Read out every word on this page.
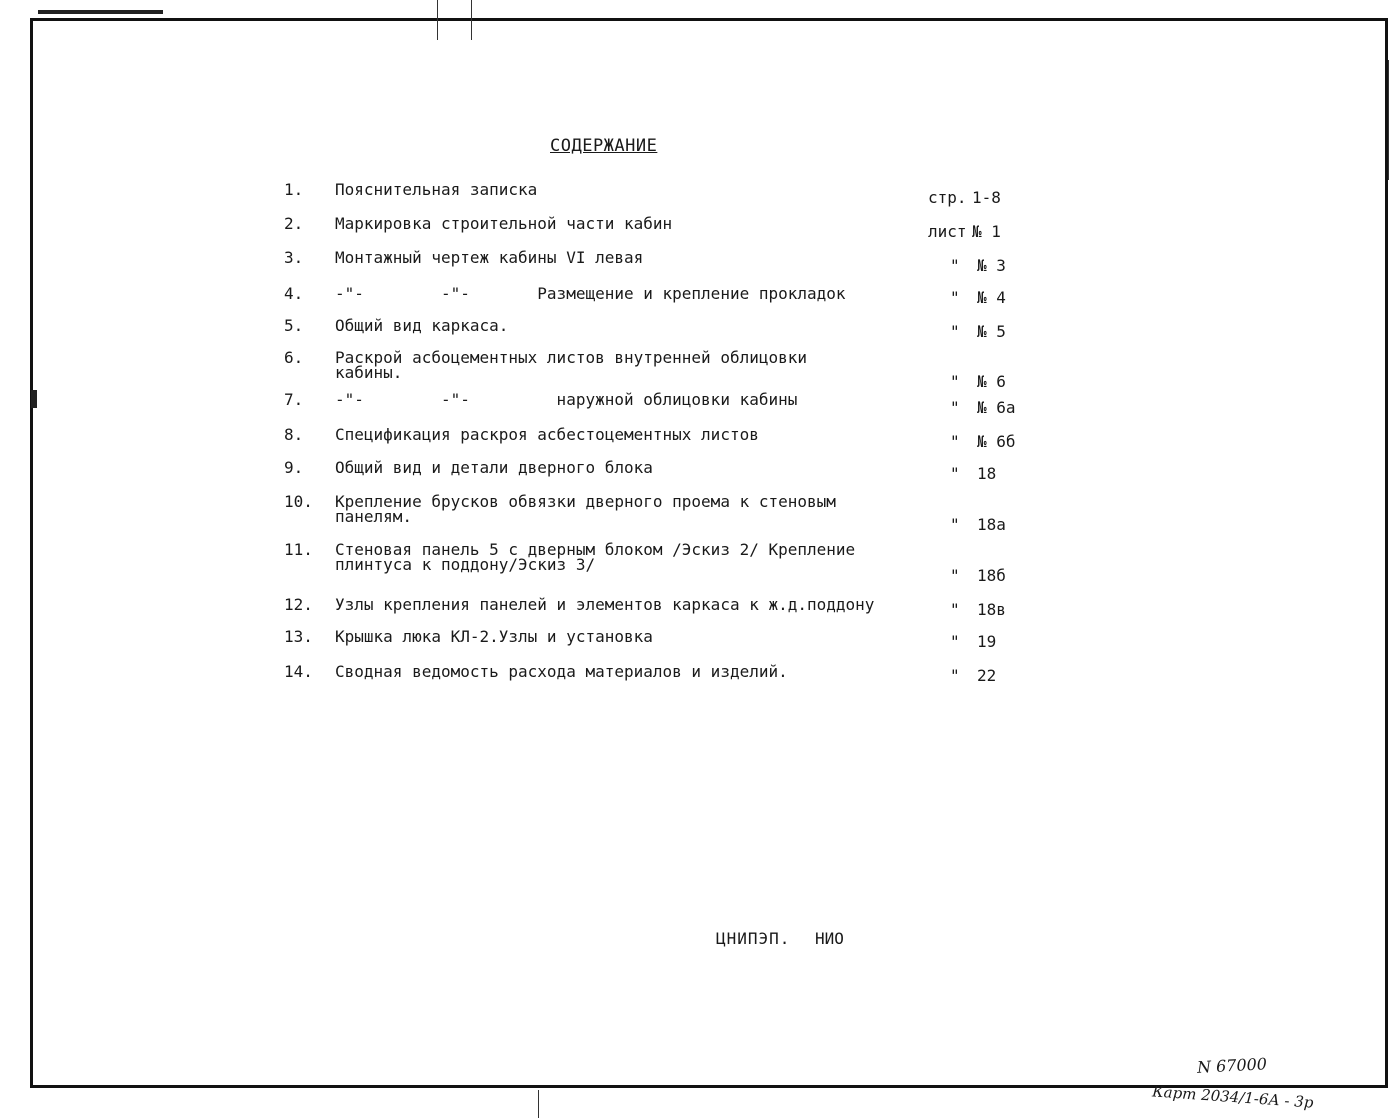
СОДЕРЖАНИЕ
1.	Пояснительная записка	стр. 1-8
2.	Маркировка строительной части кабин	лист № 1
3.	Монтажный чертеж кабины VI левая	" № 3
4.	-"-        -"-       Размещение и крепление прокладок	" № 4
5.	Общий вид каркаса.	" № 5
6.	Раскрой асбоцементных листов внутренней облицовки
кабины.	" № 6
7.	-"-        -"-         наружной облицовки кабины	" № 6а
8.	Спецификация раскроя асбестоцементных листов	" № 6б
9.	Общий вид и детали дверного блока	" 18
10.	Крепление брусков обвязки дверного проема к стеновым
панелям.	" 18а
11.	Стеновая панель 5 с дверным блоком /Эскиз 2/ Крепление
плинтуса к поддону/Эскиз 3/
" 18б
12.	Узлы крепления панелей и элементов каркаса к ж.д.поддону	" 18в
13.	Крышка люка КЛ-2.Узлы и установка	" 19
14.	Сводная ведомость расхода материалов и изделий.	" 22
ЦНИПЭП. НИО
N 67000
Карт 2034/1-6А - 3р
